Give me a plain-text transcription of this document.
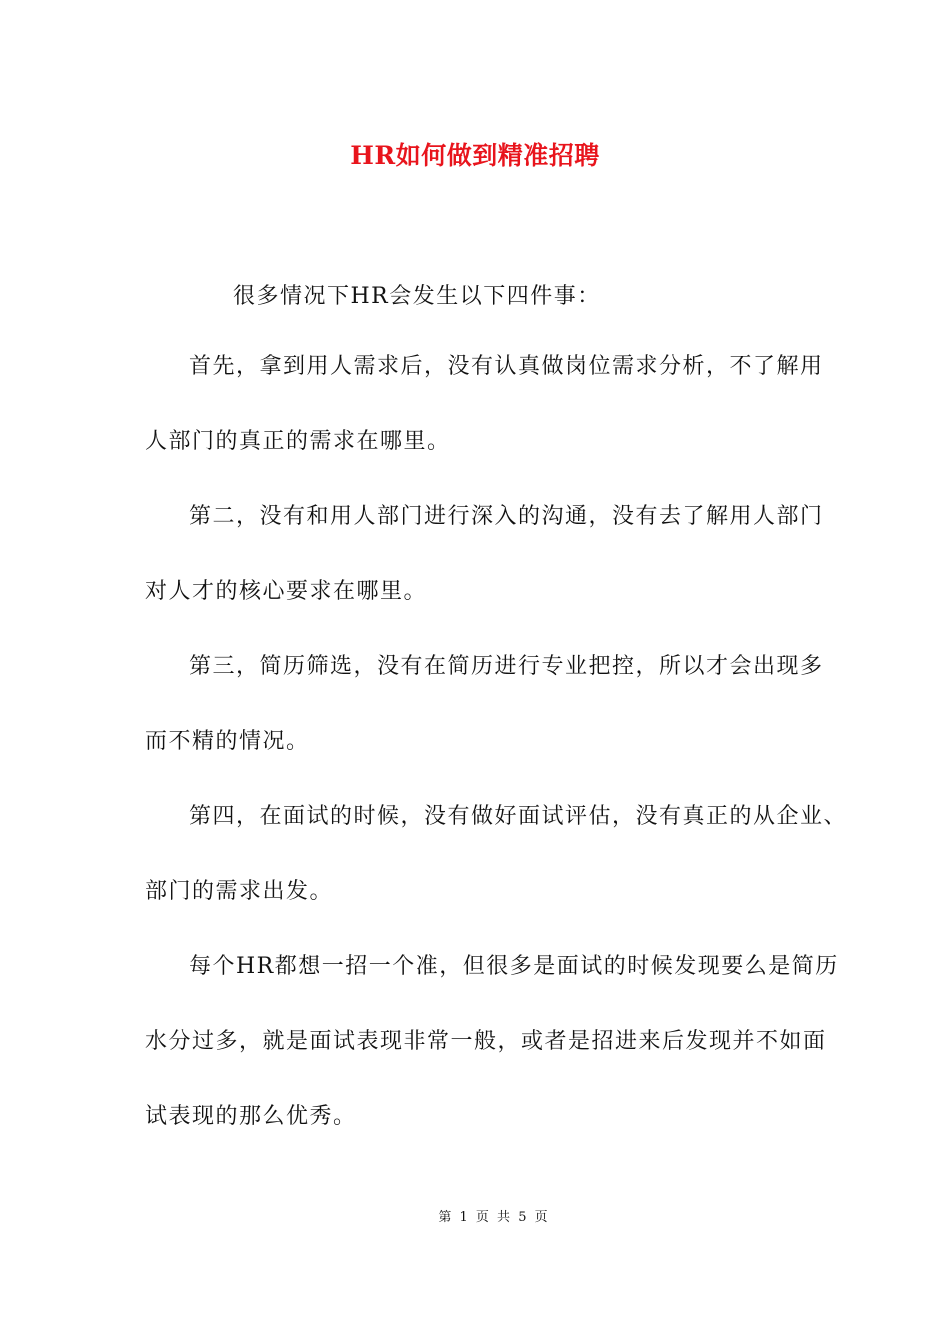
HR如何做到精准招聘

很多情况下HR会发生以下四件事：

首先，拿到用人需求后，没有认真做岗位需求分析，不了解用

人部门的真正的需求在哪里。

第二，没有和用人部门进行深入的沟通，没有去了解用人部门

对人才的核心要求在哪里。

第三，简历筛选，没有在简历进行专业把控，所以才会出现多

而不精的情况。

第四，在面试的时候，没有做好面试评估，没有真正的从企业、

部门的需求出发。

每个HR都想一招一个准，但很多是面试的时候发现要么是简历

水分过多，就是面试表现非常一般，或者是招进来后发现并不如面

试表现的那么优秀。

第 1 页 共 5 页
